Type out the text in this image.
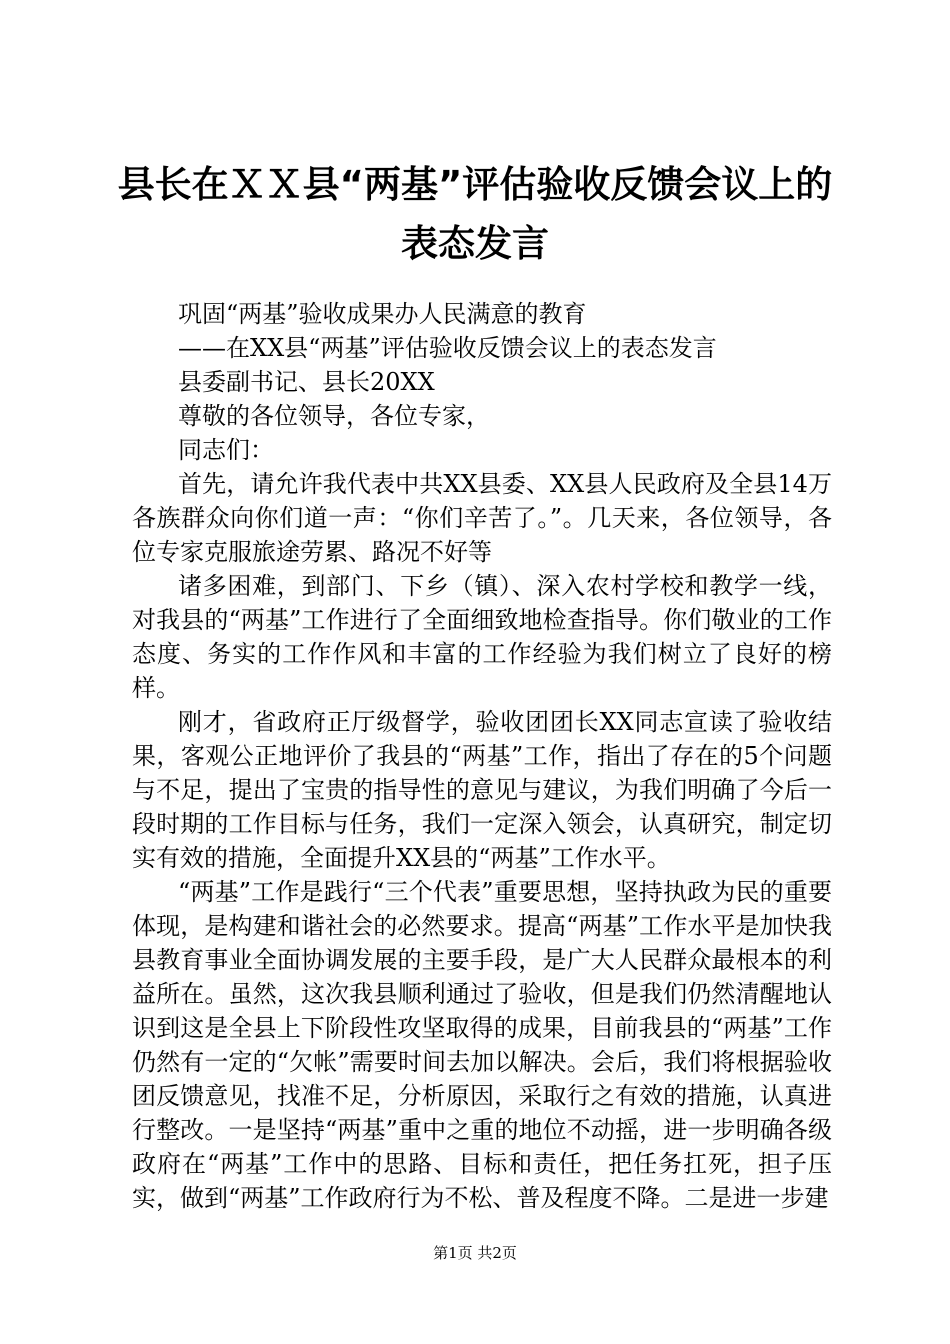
县长在ＸＸ县“两基”评估验收反馈会议上的
表态发言
巩固“两基”验收成果办人民满意的教育
——在XX县“两基”评估验收反馈会议上的表态发言
县委副书记、县长20XX
尊敬的各位领导，各位专家，
同志们：

首先，请允许我代表中共XX县委、XX县人民政府及全县14万各族群众向你们道一声：“你们辛苦了。”。几天来，各位领导，各位专家克服旅途劳累、路况不好等

诸多困难，到部门、下乡（镇）、深入农村学校和教学一线，对我县的“两基”工作进行了全面细致地检查指导。你们敬业的工作态度、务实的工作作风和丰富的工作经验为我们树立了良好的榜样。

刚才，省政府正厅级督学，验收团团长XX同志宣读了验收结果，客观公正地评价了我县的“两基”工作，指出了存在的5个问题与不足，提出了宝贵的指导性的意见与建议，为我们明确了今后一段时期的工作目标与任务，我们一定深入领会，认真研究，制定切实有效的措施，全面提升XX县的“两基”工作水平。

“两基”工作是践行“三个代表”重要思想，坚持执政为民的重要体现，是构建和谐社会的必然要求。提高“两基”工作水平是加快我县教育事业全面协调发展的主要手段，是广大人民群众最根本的利益所在。虽然，这次我县顺利通过了验收，但是我们仍然清醒地认识到这是全县上下阶段性攻坚取得的成果，目前我县的“两基”工作仍然有一定的“欠帐”需要时间去加以解决。会后，我们将根据验收团反馈意见，找准不足，分析原因，采取行之有效的措施，认真进行整改。一是坚持“两基”重中之重的地位不动摇，进一步明确各级政府在“两基”工作中的思路、目标和责任，把任务扛死，担子压实，做到“两基”工作政府行为不松、普及程度不降。二是进一步建

第1页 共2页
